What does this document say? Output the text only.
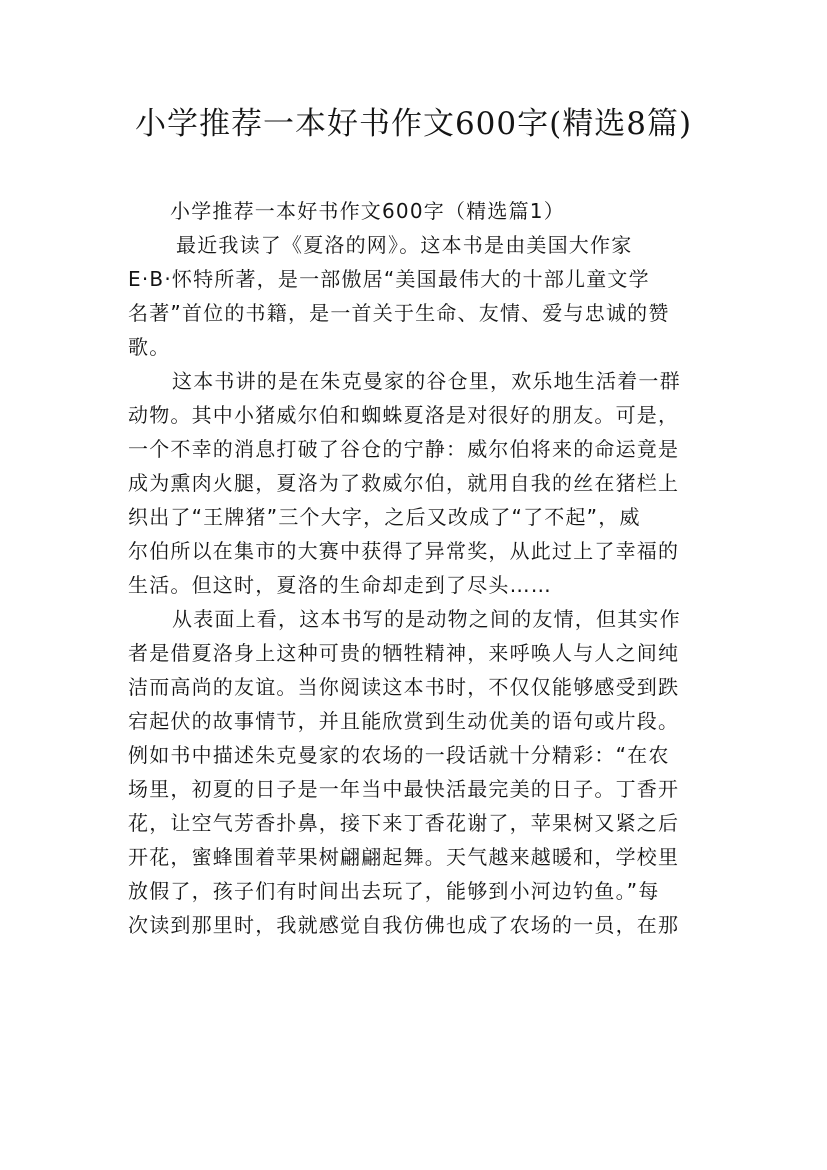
小学推荐一本好书作文600字(精选8篇)
小学推荐一本好书作文600字（精选篇1）
最近我读了《夏洛的网》。这本书是由美国大作家
E·B·怀特所著，是一部傲居“美国最伟大的十部儿童文学
名著”首位的书籍，是一首关于生命、友情、爱与忠诚的赞
歌。
这本书讲的是在朱克曼家的谷仓里，欢乐地生活着一群
动物。其中小猪威尔伯和蜘蛛夏洛是对很好的朋友。可是，
一个不幸的消息打破了谷仓的宁静：威尔伯将来的命运竟是
成为熏肉火腿，夏洛为了救威尔伯，就用自我的丝在猪栏上
织出了“王牌猪”三个大字，之后又改成了“了不起”，威
尔伯所以在集市的大赛中获得了异常奖，从此过上了幸福的
生活。但这时，夏洛的生命却走到了尽头……
从表面上看，这本书写的是动物之间的友情，但其实作
者是借夏洛身上这种可贵的牺牲精神，来呼唤人与人之间纯
洁而高尚的友谊。当你阅读这本书时，不仅仅能够感受到跌
宕起伏的故事情节，并且能欣赏到生动优美的语句或片段。
例如书中描述朱克曼家的农场的一段话就十分精彩：“在农
场里，初夏的日子是一年当中最快活最完美的日子。丁香开
花，让空气芳香扑鼻，接下来丁香花谢了，苹果树又紧之后
开花，蜜蜂围着苹果树翩翩起舞。天气越来越暖和，学校里
放假了，孩子们有时间出去玩了，能够到小河边钓鱼。”每
次读到那里时，我就感觉自我仿佛也成了农场的一员，在那
